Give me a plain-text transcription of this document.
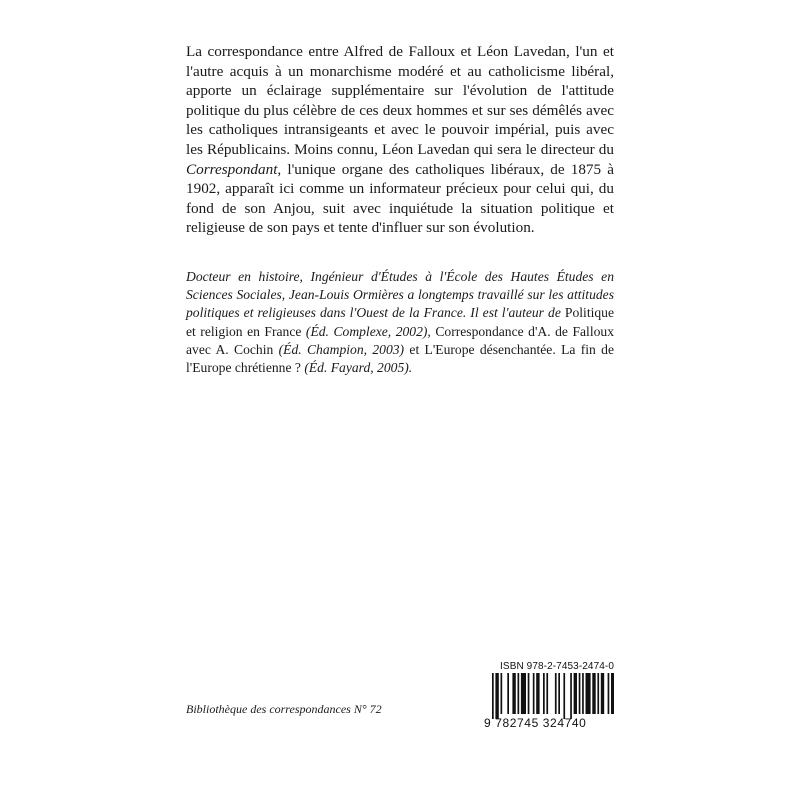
La correspondance entre Alfred de Falloux et Léon Lavedan, l'un et l'autre acquis à un monarchisme modéré et au catholicisme libéral, apporte un éclairage supplémentaire sur l'évolution de l'attitude politique du plus célèbre de ces deux hommes et sur ses démêlés avec les catholiques intransigeants et avec le pouvoir impérial, puis avec les Républicains. Moins connu, Léon Lavedan qui sera le directeur du Correspondant, l'unique organe des catholiques libéraux, de 1875 à 1902, apparaît ici comme un informateur précieux pour celui qui, du fond de son Anjou, suit avec inquiétude la situation politique et religieuse de son pays et tente d'influer sur son évolution.

Docteur en histoire, Ingénieur d'Études à l'École des Hautes Études en Sciences Sociales, Jean-Louis Ormières a longtemps travaillé sur les attitudes politiques et religieuses dans l'Ouest de la France. Il est l'auteur de Politique et religion en France (Éd. Complexe, 2002), Correspondance d'A. de Falloux avec A. Cochin (Éd. Champion, 2003) et L'Europe désenchantée. La fin de l'Europe chrétienne ? (Éd. Fayard, 2005).

Bibliothèque des correspondances N° 72
ISBN 978-2-7453-2474-0
9 782745 324740
